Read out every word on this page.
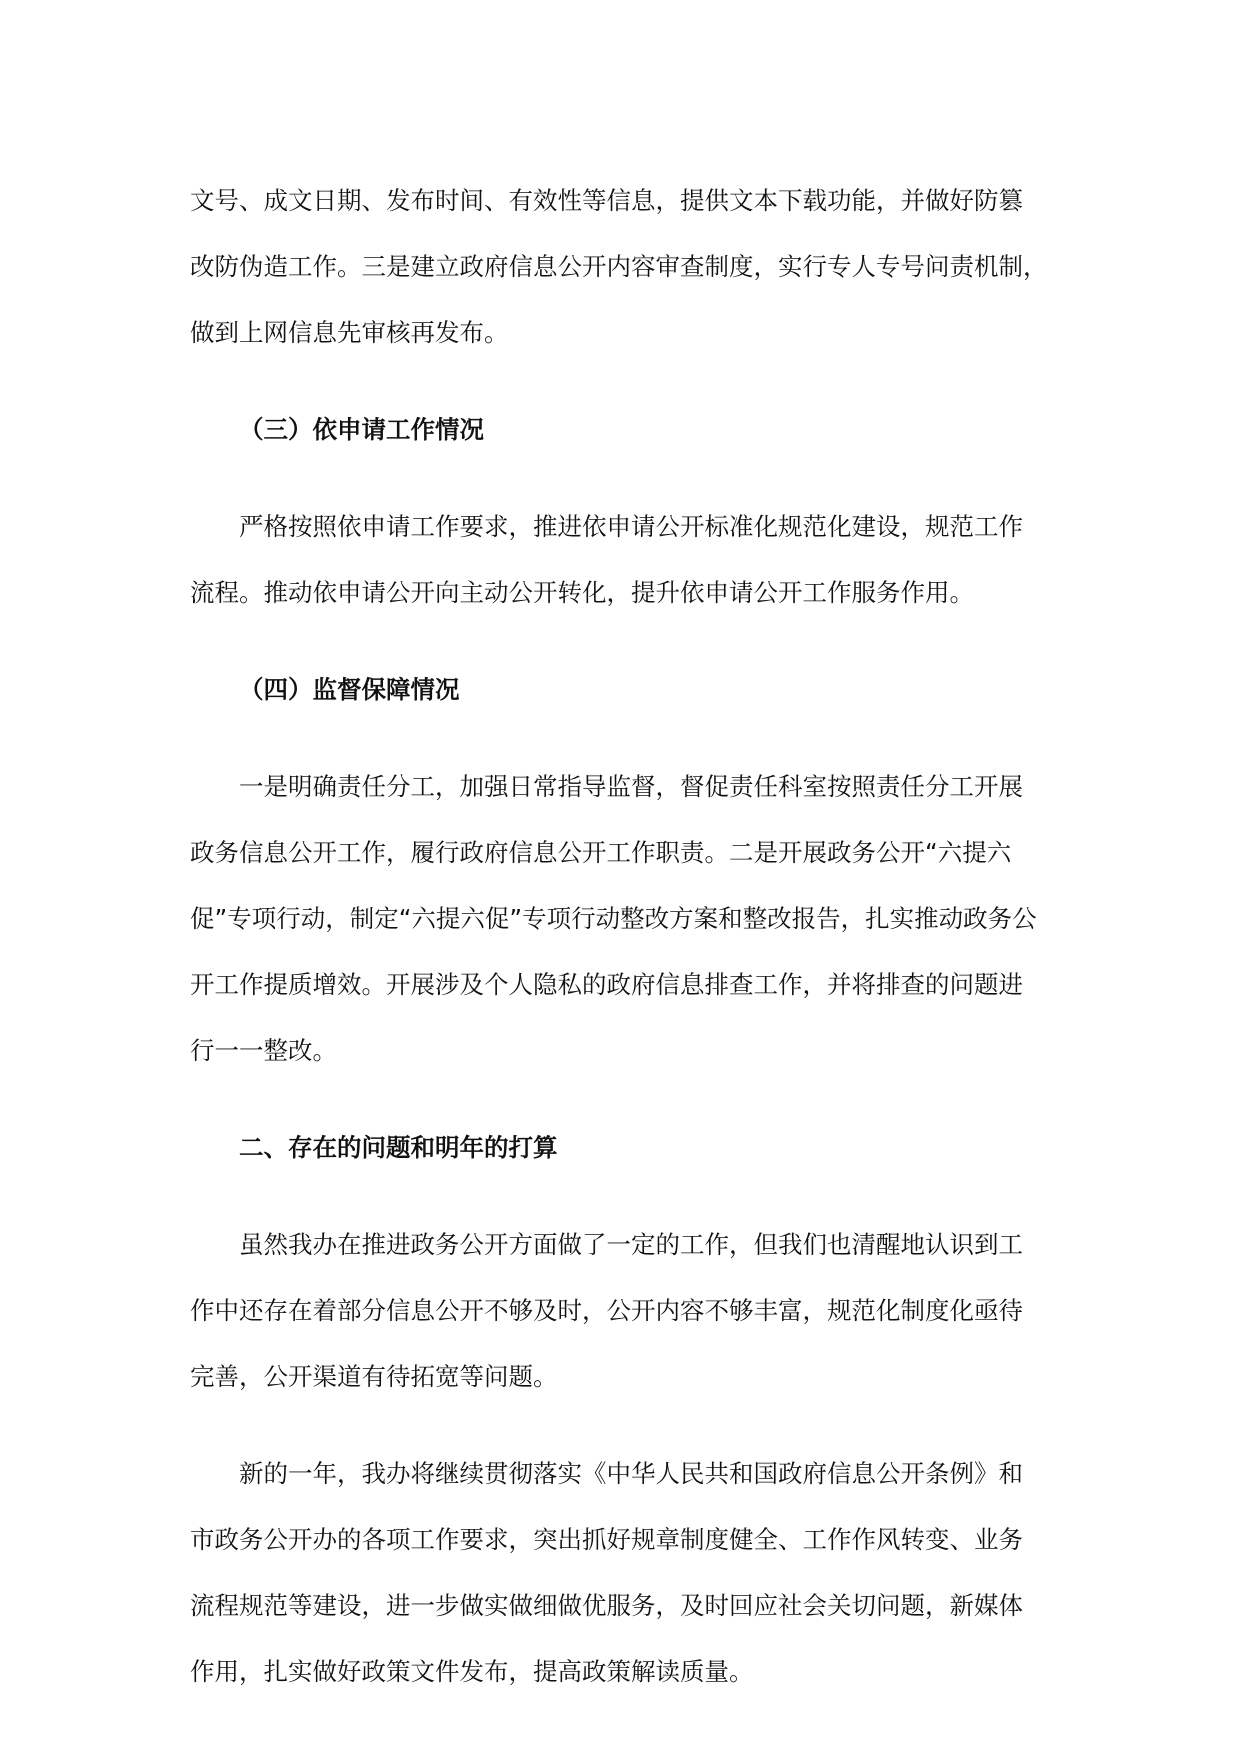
文号、成文日期、发布时间、有效性等信息，提供文本下载功能，并做好防篡
改防伪造工作。三是建立政府信息公开内容审查制度，实行专人专号问责机制，
做到上网信息先审核再发布。

（三）依申请工作情况

严格按照依申请工作要求，推进依申请公开标准化规范化建设，规范工作
流程。推动依申请公开向主动公开转化，提升依申请公开工作服务作用。

（四）监督保障情况

一是明确责任分工，加强日常指导监督，督促责任科室按照责任分工开展
政务信息公开工作，履行政府信息公开工作职责。二是开展政务公开“六提六
促”专项行动，制定“六提六促”专项行动整改方案和整改报告，扎实推动政务公
开工作提质增效。开展涉及个人隐私的政府信息排查工作，并将排查的问题进
行一一整改。

二、存在的问题和明年的打算

虽然我办在推进政务公开方面做了一定的工作，但我们也清醒地认识到工
作中还存在着部分信息公开不够及时，公开内容不够丰富，规范化制度化亟待
完善，公开渠道有待拓宽等问题。

新的一年，我办将继续贯彻落实《中华人民共和国政府信息公开条例》和
市政务公开办的各项工作要求，突出抓好规章制度健全、工作作风转变、业务
流程规范等建设，进一步做实做细做优服务，及时回应社会关切问题，新媒体
作用，扎实做好政策文件发布，提高政策解读质量。
